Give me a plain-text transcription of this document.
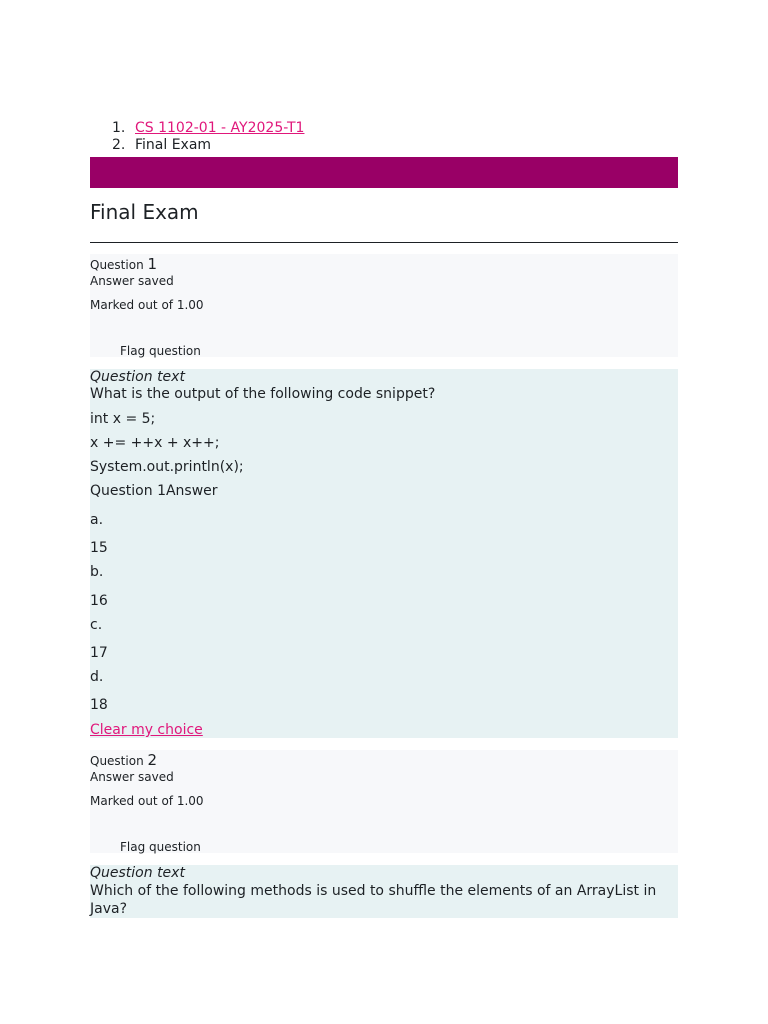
1. CS 1102-01 - AY2025-T1
2. Final Exam
Final Exam
Question 1
Answer saved
Marked out of 1.00
Flag question
Question text
What is the output of the following code snippet?
int x = 5;
x += ++x + x++;
System.out.println(x);
Question 1Answer
a.
15
b.
16
c.
17
d.
18
Clear my choice
Question 2
Answer saved
Marked out of 1.00
Flag question
Question text
Which of the following methods is used to shuffle the elements of an ArrayList in Java?
